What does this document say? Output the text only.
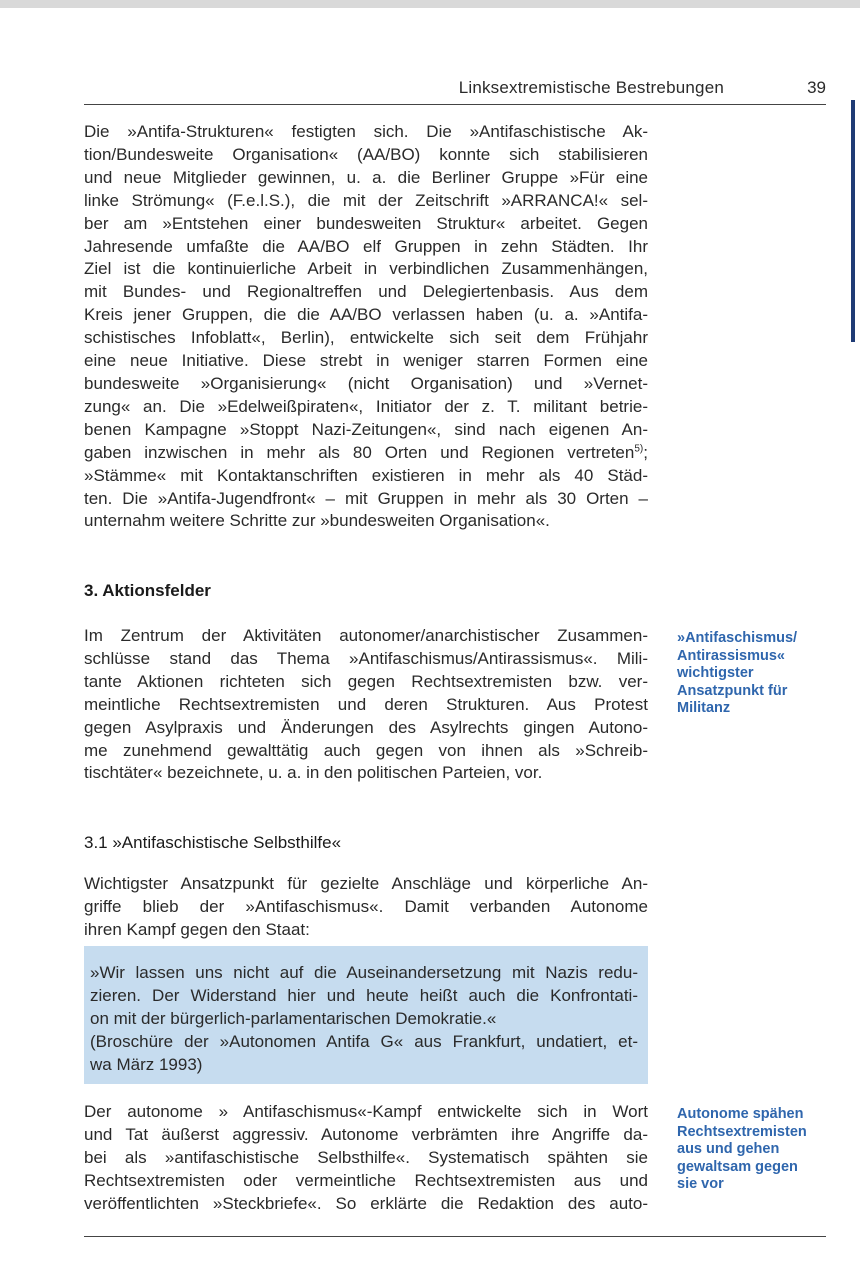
Linksextremistische Bestrebungen	39
Die »Antifa-Strukturen« festigten sich. Die »Antifaschistische Ak-
tion/Bundesweite Organisation« (AA/BO) konnte sich stabilisieren
und neue Mitglieder gewinnen, u. a. die Berliner Gruppe »Für eine
linke Strömung« (F.e.l.S.), die mit der Zeitschrift »ARRANCA!« sel-
ber am »Entstehen einer bundesweiten Struktur« arbeitet. Gegen
Jahresende umfaßte die AA/BO elf Gruppen in zehn Städten. Ihr
Ziel ist die kontinuierliche Arbeit in verbindlichen Zusammenhängen,
mit Bundes- und Regionaltreffen und Delegiertenbasis. Aus dem
Kreis jener Gruppen, die die AA/BO verlassen haben (u. a. »Antifa-
schistisches Infoblatt«, Berlin), entwickelte sich seit dem Frühjahr
eine neue Initiative. Diese strebt in weniger starren Formen eine
bundesweite »Organisierung« (nicht Organisation) und »Vernet-
zung« an. Die »Edelweißpiraten«, Initiator der z. T. militant betrie-
benen Kampagne »Stoppt Nazi-Zeitungen«, sind nach eigenen An-
gaben inzwischen in mehr als 80 Orten und Regionen vertreten$^{5)}$;
»Stämme« mit Kontaktanschriften existieren in mehr als 40 Städ-
ten. Die »Antifa-Jugendfront« – mit Gruppen in mehr als 30 Orten –
unternahm weitere Schritte zur »bundesweiten Organisation«.
3. Aktionsfelder
Im Zentrum der Aktivitäten autonomer/anarchistischer Zusammen-
schlüsse stand das Thema »Antifaschismus/Antirassismus«. Mili-
tante Aktionen richteten sich gegen Rechtsextremisten bzw. ver-
meintliche Rechtsextremisten und deren Strukturen. Aus Protest
gegen Asylpraxis und Änderungen des Asylrechts gingen Autono-
me zunehmend gewalttätig auch gegen von ihnen als »Schreib-
tischtäter« bezeichnete, u. a. in den politischen Parteien, vor.
»Antifaschismus/
Antirassismus«
wichtigster
Ansatzpunkt für
Militanz
3.1 »Antifaschistische Selbsthilfe«
Wichtigster Ansatzpunkt für gezielte Anschläge und körperliche An-
griffe blieb der »Antifaschismus«. Damit verbanden Autonome
ihren Kampf gegen den Staat:
»Wir lassen uns nicht auf die Auseinandersetzung mit Nazis redu-
zieren. Der Widerstand hier und heute heißt auch die Konfrontati-
on mit der bürgerlich-parlamentarischen Demokratie.«
(Broschüre der »Autonomen Antifa G« aus Frankfurt, undatiert, et-
wa März 1993)
Der autonome » Antifaschismus«-Kampf entwickelte sich in Wort
und Tat äußerst aggressiv. Autonome verbrämten ihre Angriffe da-
bei als »antifaschistische Selbsthilfe«. Systematisch spähten sie
Rechtsextremisten oder vermeintliche Rechtsextremisten aus und
veröffentlichten »Steckbriefe«. So erklärte die Redaktion des auto-
Autonome spähen
Rechtsextremisten
aus und gehen
gewaltsam gegen
sie vor
